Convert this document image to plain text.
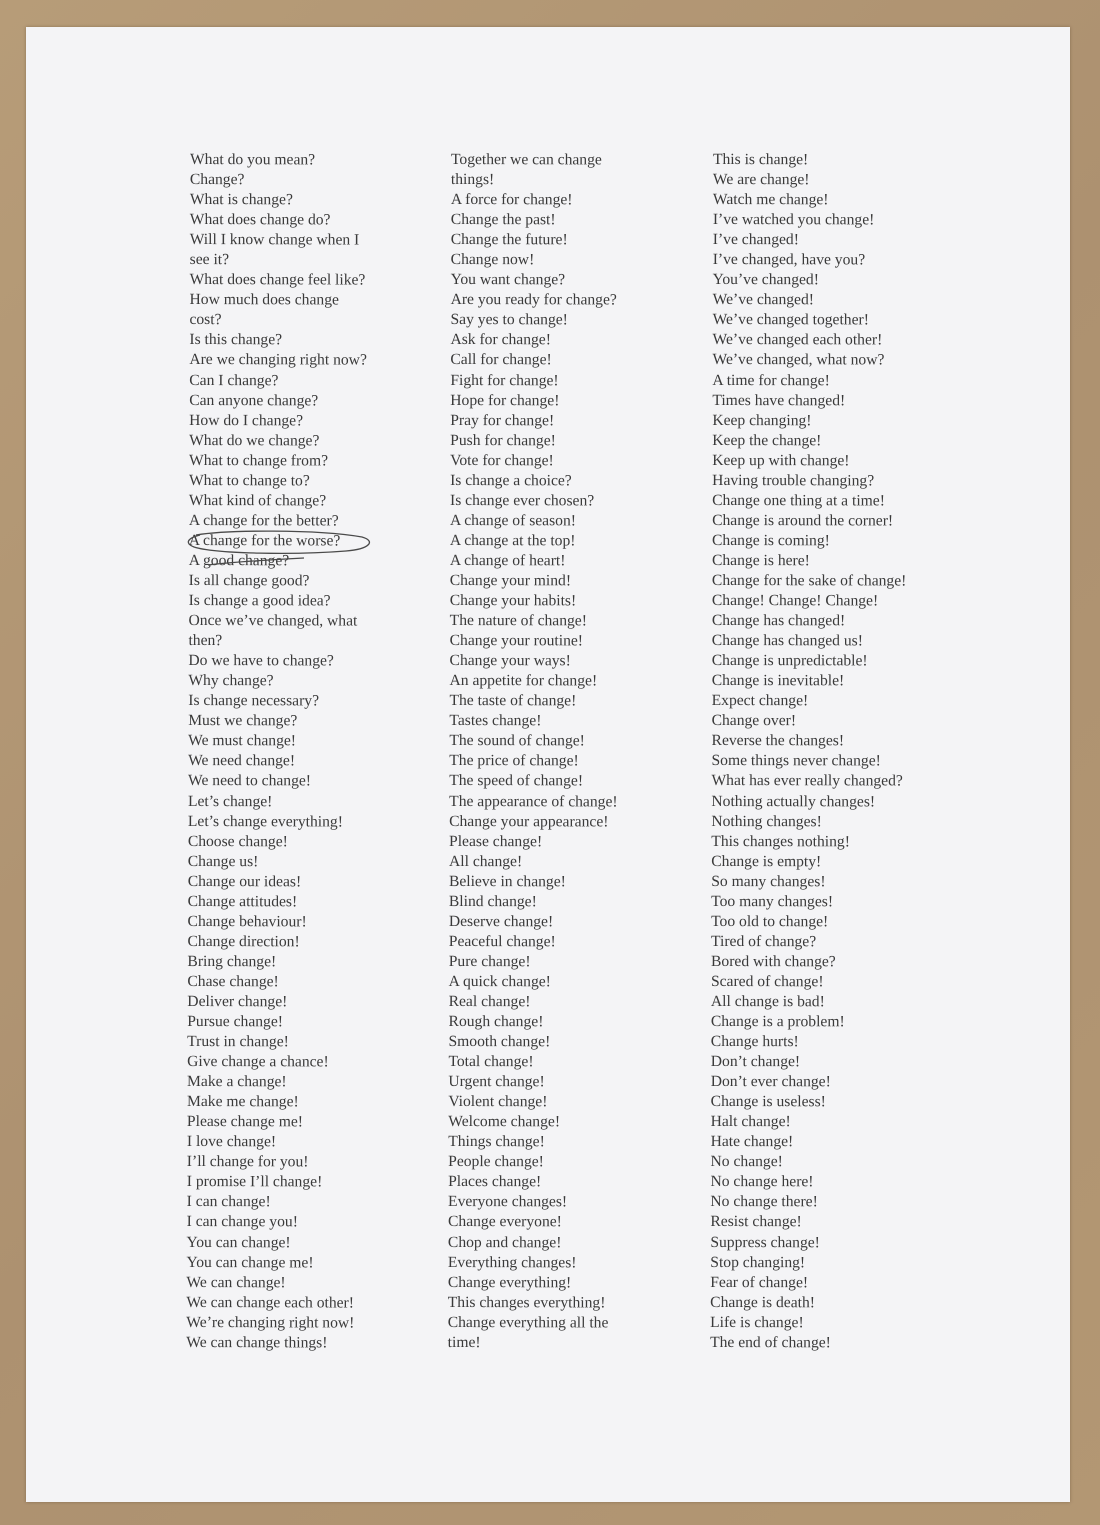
What do you mean?
Change?
What is change?
What does change do?
Will I know change when I
see it?
What does change feel like?
How much does change
cost?
Is this change?
Are we changing right now?
Can I change?
Can anyone change?
How do I change?
What do we change?
What to change from?
What to change to?
What kind of change?
A change for the better?
A change for the worse?
A good change?
Is all change good?
Is change a good idea?
Once we’ve changed, what
then?
Do we have to change?
Why change?
Is change necessary?
Must we change?
We must change!
We need change!
We need to change!
Let’s change!
Let’s change everything!
Choose change!
Change us!
Change our ideas!
Change attitudes!
Change behaviour!
Change direction!
Bring change!
Chase change!
Deliver change!
Pursue change!
Trust in change!
Give change a chance!
Make a change!
Make me change!
Please change me!
I love change!
I’ll change for you!
I promise I’ll change!
I can change!
I can change you!
You can change!
You can change me!
We can change!
We can change each other!
We’re changing right now!
We can change things!
Together we can change
things!
A force for change!
Change the past!
Change the future!
Change now!
You want change?
Are you ready for change?
Say yes to change!
Ask for change!
Call for change!
Fight for change!
Hope for change!
Pray for change!
Push for change!
Vote for change!
Is change a choice?
Is change ever chosen?
A change of season!
A change at the top!
A change of heart!
Change your mind!
Change your habits!
The nature of change!
Change your routine!
Change your ways!
An appetite for change!
The taste of change!
Tastes change!
The sound of change!
The price of change!
The speed of change!
The appearance of change!
Change your appearance!
Please change!
All change!
Believe in change!
Blind change!
Deserve change!
Peaceful change!
Pure change!
A quick change!
Real change!
Rough change!
Smooth change!
Total change!
Urgent change!
Violent change!
Welcome change!
Things change!
People change!
Places change!
Everyone changes!
Change everyone!
Chop and change!
Everything changes!
Change everything!
This changes everything!
Change everything all the
time!
This is change!
We are change!
Watch me change!
I’ve watched you change!
I’ve changed!
I’ve changed, have you?
You’ve changed!
We’ve changed!
We’ve changed together!
We’ve changed each other!
We’ve changed, what now?
A time for change!
Times have changed!
Keep changing!
Keep the change!
Keep up with change!
Having trouble changing?
Change one thing at a time!
Change is around the corner!
Change is coming!
Change is here!
Change for the sake of change!
Change! Change! Change!
Change has changed!
Change has changed us!
Change is unpredictable!
Change is inevitable!
Expect change!
Change over!
Reverse the changes!
Some things never change!
What has ever really changed?
Nothing actually changes!
Nothing changes!
This changes nothing!
Change is empty!
So many changes!
Too many changes!
Too old to change!
Tired of change?
Bored with change?
Scared of change!
All change is bad!
Change is a problem!
Change hurts!
Don’t change!
Don’t ever change!
Change is useless!
Halt change!
Hate change!
No change!
No change here!
No change there!
Resist change!
Suppress change!
Stop changing!
Fear of change!
Change is death!
Life is change!
The end of change!
